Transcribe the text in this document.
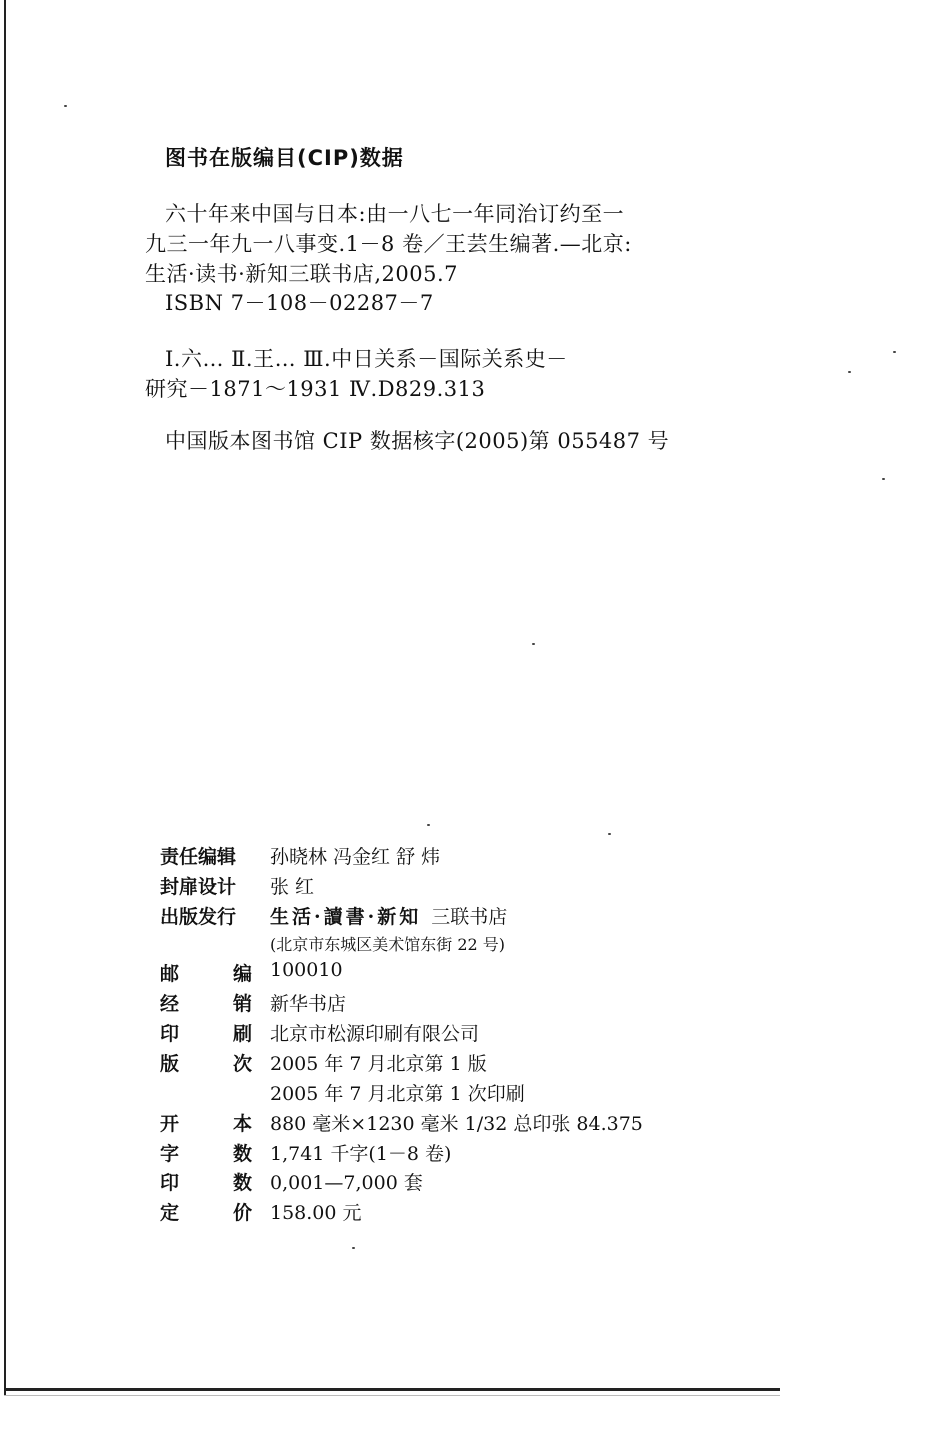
图书在版编目(CIP)数据
六十年来中国与日本:由一八七一年同治订约至一
九三一年九一八事变.1－8 卷／王芸生编著.—北京:
生活·读书·新知三联书店,2005.7
ISBN 7－108－02287－7
Ⅰ.六… Ⅱ.王… Ⅲ.中日关系－国际关系史－
研究－1871～1931 Ⅳ.D829.313
中国版本图书馆 CIP 数据核字(2005)第 055487 号
责任编辑	孙晓林 冯金红 舒 炜
封扉设计	张 红
出版发行	生活·讀書·新知 三联书店
(北京市东城区美术馆东街 22 号)
邮	编 100010
经	销 新华书店
印	刷 北京市松源印刷有限公司
版	次 2005 年 7 月北京第 1 版
2005 年 7 月北京第 1 次印刷
开	本 880 毫米×1230 毫米 1/32 总印张 84.375
字	数 1,741 千字(1－8 卷)
印	数 0,001—7,000 套
定	价 158.00 元
